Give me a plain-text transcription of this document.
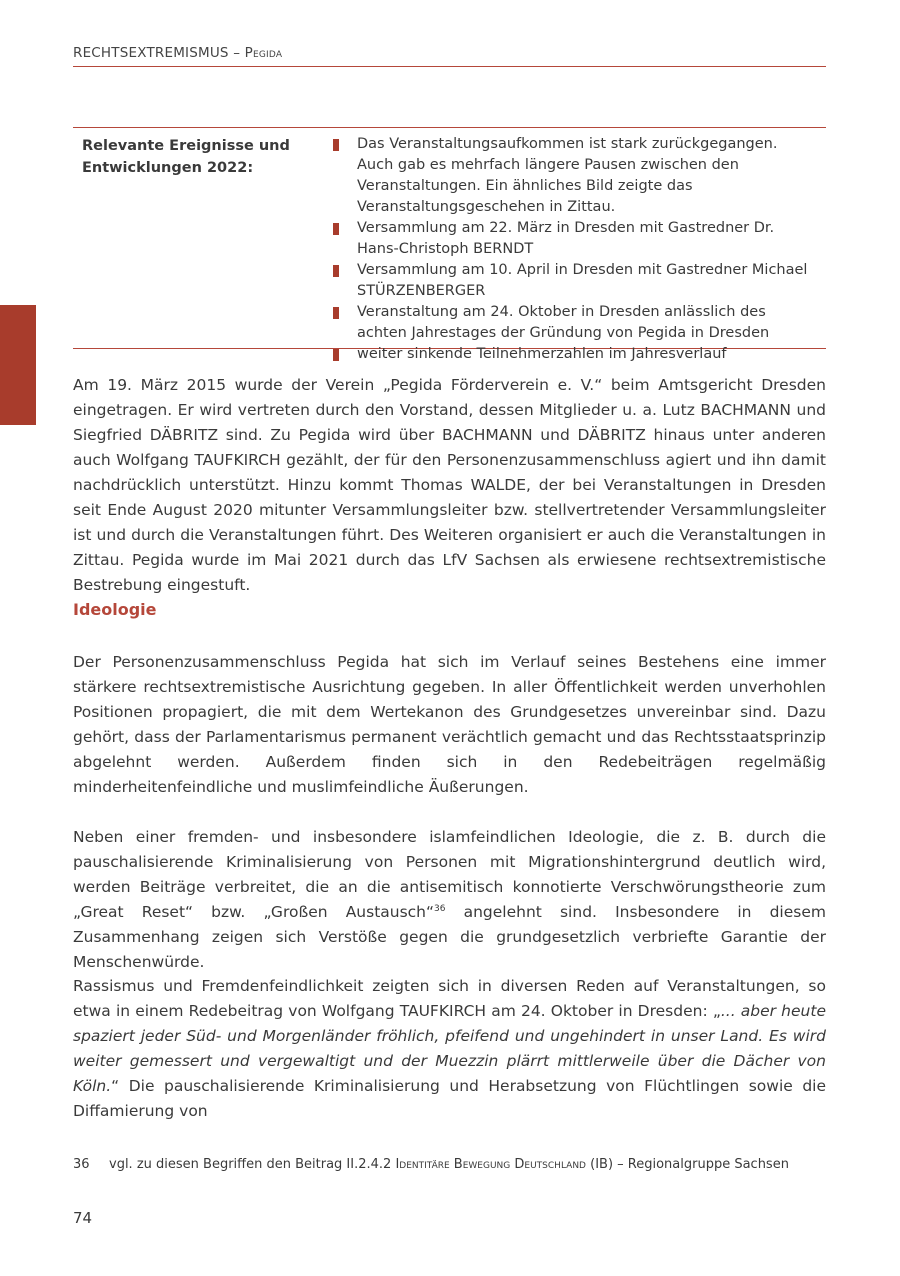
RECHTSEXTREMISMUS – Pegida
Relevante Ereignisse und Entwicklungen 2022:
Das Veranstaltungsaufkommen ist stark zurückgegangen. Auch gab es mehrfach längere Pausen zwischen den Veranstaltungen. Ein ähnliches Bild zeigte das Veranstaltungsgeschehen in Zittau.
Versammlung am 22. März in Dresden mit Gastredner Dr. Hans-Christoph BERNDT
Versammlung am 10. April in Dresden mit Gastredner Michael STÜRZENBERGER
Veranstaltung am 24. Oktober in Dresden anlässlich des achten Jahrestages der Gründung von Pegida in Dresden
weiter sinkende Teilnehmerzahlen im Jahresverlauf

Am 19. März 2015 wurde der Verein „Pegida Förderverein e. V.“ beim Amtsgericht Dresden eingetragen. Er wird vertreten durch den Vorstand, dessen Mitglieder u. a. Lutz BACHMANN und Siegfried DÄBRITZ sind. Zu Pegida wird über BACHMANN und DÄBRITZ hinaus unter anderen auch Wolfgang TAUFKIRCH gezählt, der für den Personenzusammenschluss agiert und ihn damit nachdrücklich unterstützt. Hinzu kommt Thomas WALDE, der bei Veranstaltungen in Dresden seit Ende August 2020 mitunter Versammlungsleiter bzw. stellvertretender Versammlungsleiter ist und durch die Veranstaltungen führt. Des Weiteren organisiert er auch die Veranstaltungen in Zittau. Pegida wurde im Mai 2021 durch das LfV Sachsen als erwiesene rechtsextremistische Bestrebung eingestuft.

Ideologie

Der Personenzusammenschluss Pegida hat sich im Verlauf seines Bestehens eine immer stärkere rechtsextremistische Ausrichtung gegeben. In aller Öffentlichkeit werden unverhohlen Positionen propagiert, die mit dem Wertekanon des Grundgesetzes unvereinbar sind. Dazu gehört, dass der Parlamentarismus permanent verächtlich gemacht und das Rechtsstaatsprinzip abgelehnt werden. Außerdem finden sich in den Redebeiträgen regelmäßig minderheitenfeindliche und muslimfeindliche Äußerungen.

Neben einer fremden- und insbesondere islamfeindlichen Ideologie, die z. B. durch die pauschalisierende Kriminalisierung von Personen mit Migrationshintergrund deutlich wird, werden Beiträge verbreitet, die an die antisemitisch konnotierte Verschwörungstheorie zum „Great Reset“ bzw. „Großen Austausch“$^{36}$ angelehnt sind. Insbesondere in diesem Zusammenhang zeigen sich Verstöße gegen die grundgesetzlich verbriefte Garantie der Menschenwürde.

Rassismus und Fremdenfeindlichkeit zeigten sich in diversen Reden auf Veranstaltungen, so etwa in einem Redebeitrag von Wolfgang TAUFKIRCH am 24. Oktober in Dresden: „... aber heute spaziert jeder Süd- und Morgenländer fröhlich, pfeifend und ungehindert in unser Land. Es wird weiter gemessert und vergewaltigt und der Muezzin plärrt mittlerweile über die Dächer von Köln.“ Die pauschalisierende Kriminalisierung und Herabsetzung von Flüchtlingen sowie die Diffamierung von

36 vgl. zu diesen Begriffen den Beitrag II.2.4.2 Identitäre Bewegung Deutschland (IB) – Regionalgruppe Sachsen
74
